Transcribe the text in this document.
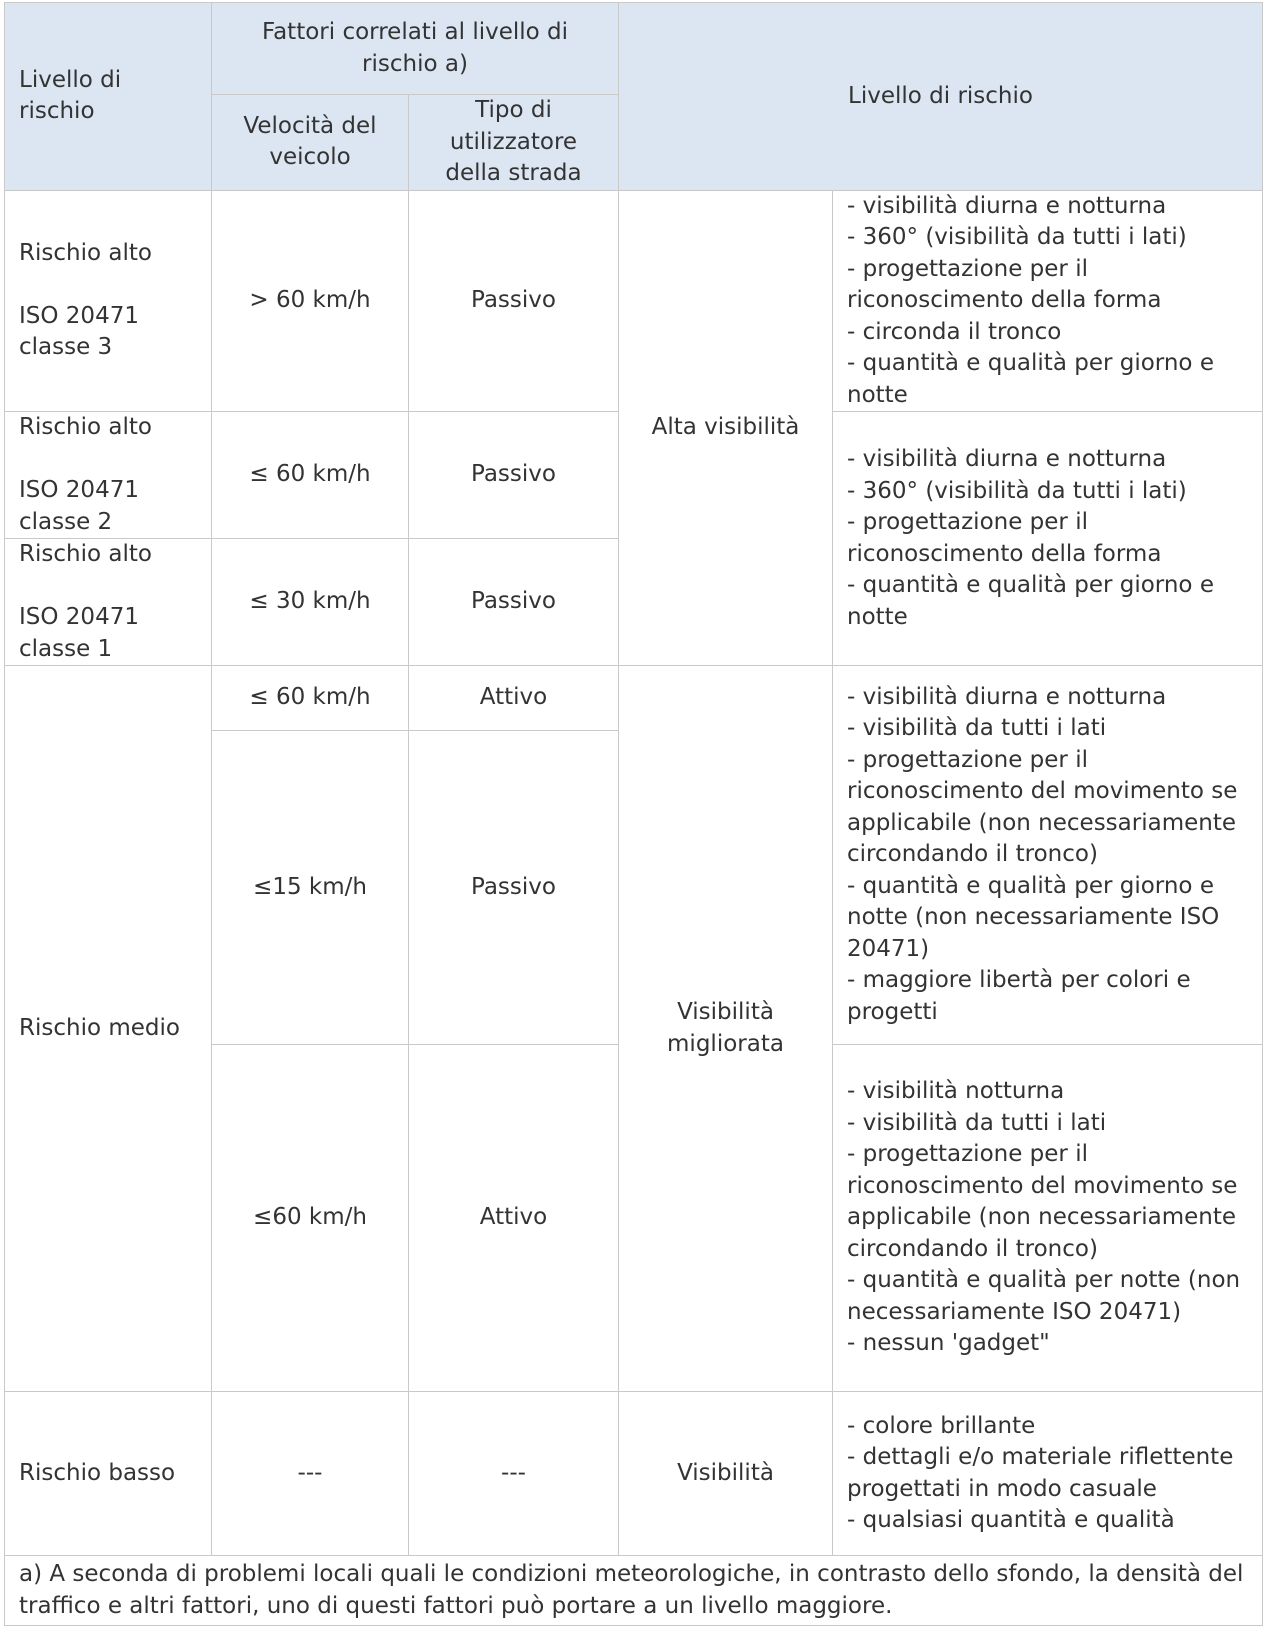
Livello di rischio	Fattori correlati al livello di rischio a)		Livello di rischio	
	Velocità del veicolo	Tipo di utilizzatore della strada		

Rischio alto
ISO 20471
classe 3	> 60 km/h	Passivo	Alta visibilità	- visibilità diurna e notturna
- 360° (visibilità da tutti i lati)
- progettazione per il riconoscimento della forma
- circonda il tronco
- quantità e qualità per giorno e notte

Rischio alto
ISO 20471
classe 2	≤ 60 km/h	Passivo		- visibilità diurna e notturna
- 360° (visibilità da tutti i lati)
- progettazione per il riconoscimento della forma
- quantità e qualità per giorno e notte

Rischio alto
ISO 20471
classe 1	≤ 30 km/h	Passivo		
Rischio medio	≤ 60 km/h	Attivo	Visibilità migliorata	- visibilità diurna e notturna
- visibilità da tutti i lati
- progettazione per il riconoscimento del movimento se applicabile (non necessariamente circondando il tronco)
- quantità e qualità per giorno e notte (non necessariamente ISO 20471)
- maggiore libertà per colori e progetti

	≤15 km/h	Passivo		
	≤60 km/h	Attivo		- visibilità notturna
- visibilità da tutti i lati
- progettazione per il riconoscimento del movimento se applicabile (non necessariamente circondando il tronco)
- quantità e qualità per notte (non necessariamente ISO 20471)
- nessun 'gadget"

Rischio basso	---	---	Visibilità	- colore brillante
- dettagli e/o materiale riflettente progettati in modo casuale
- qualsiasi quantità e qualità

a) A seconda di problemi locali quali le condizioni meteorologiche, in contrasto dello sfondo, la densità del traffico e altri fattori, uno di questi fattori può portare a un livello maggiore.				
